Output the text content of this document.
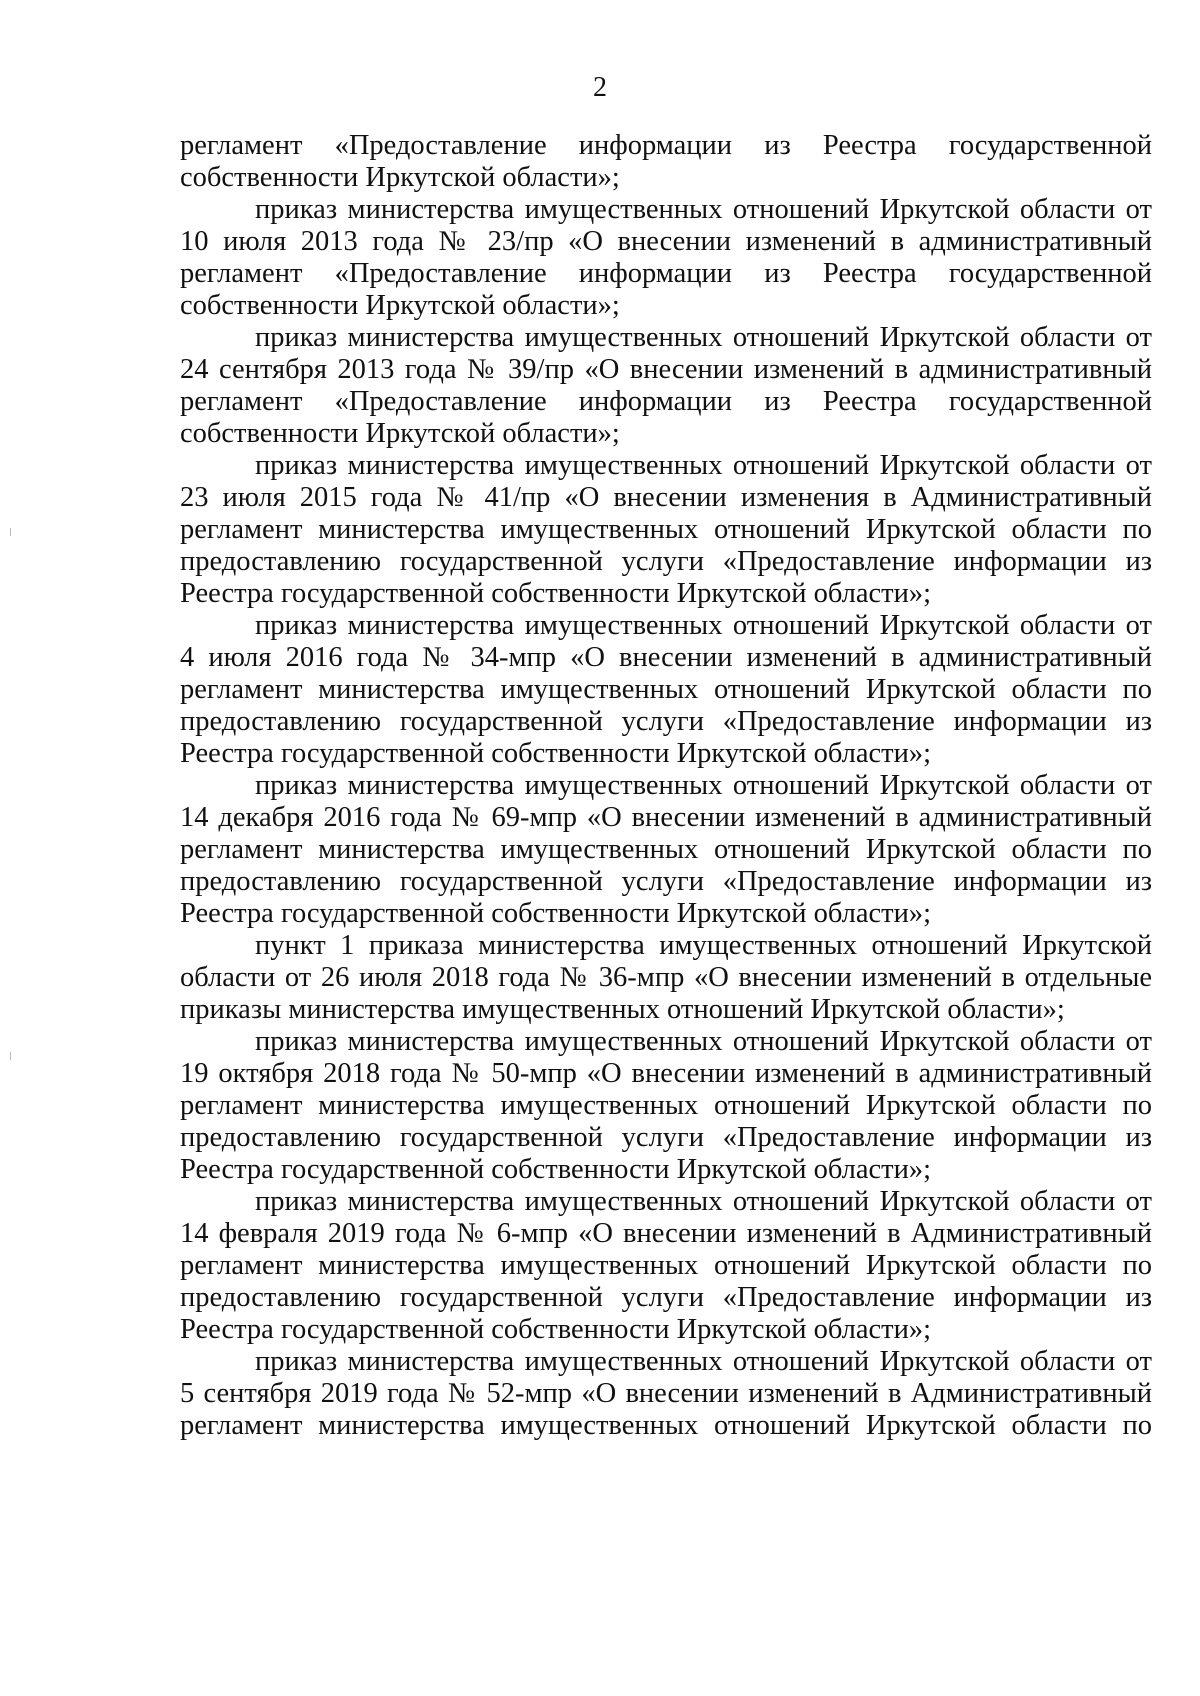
2

регламент «Предоставление информации из Реестра государственной собственности Иркутской области»;

приказ министерства имущественных отношений Иркутской области от 10 июля 2013 года № 23/пр «О внесении изменений в административный регламент «Предоставление информации из Реестра государственной собственности Иркутской области»;

приказ министерства имущественных отношений Иркутской области от 24 сентября 2013 года № 39/пр «О внесении изменений в административный регламент «Предоставление информации из Реестра государственной собственности Иркутской области»;

приказ министерства имущественных отношений Иркутской области от 23 июля 2015 года № 41/пр «О внесении изменения в Административный регламент министерства имущественных отношений Иркутской области по предоставлению государственной услуги «Предоставление информации из Реестра государственной собственности Иркутской области»;

приказ министерства имущественных отношений Иркутской области от 4 июля 2016 года № 34-мпр «О внесении изменений в административный регламент министерства имущественных отношений Иркутской области по предоставлению государственной услуги «Предоставление информации из Реестра государственной собственности Иркутской области»;

приказ министерства имущественных отношений Иркутской области от 14 декабря 2016 года № 69-мпр «О внесении изменений в административный регламент министерства имущественных отношений Иркутской области по предоставлению государственной услуги «Предоставление информации из Реестра государственной собственности Иркутской области»;

пункт 1 приказа министерства имущественных отношений Иркутской области от 26 июля 2018 года № 36-мпр «О внесении изменений в отдельные приказы министерства имущественных отношений Иркутской области»;

приказ министерства имущественных отношений Иркутской области от 19 октября 2018 года № 50-мпр «О внесении изменений в административный регламент министерства имущественных отношений Иркутской области по предоставлению государственной услуги «Предоставление информации из Реестра государственной собственности Иркутской области»;

приказ министерства имущественных отношений Иркутской области от 14 февраля 2019 года № 6-мпр «О внесении изменений в Административный регламент министерства имущественных отношений Иркутской области по предоставлению государственной услуги «Предоставление информации из Реестра государственной собственности Иркутской области»;

приказ министерства имущественных отношений Иркутской области от 5 сентября 2019 года № 52-мпр «О внесении изменений в Административный регламент министерства имущественных отношений Иркутской области по
